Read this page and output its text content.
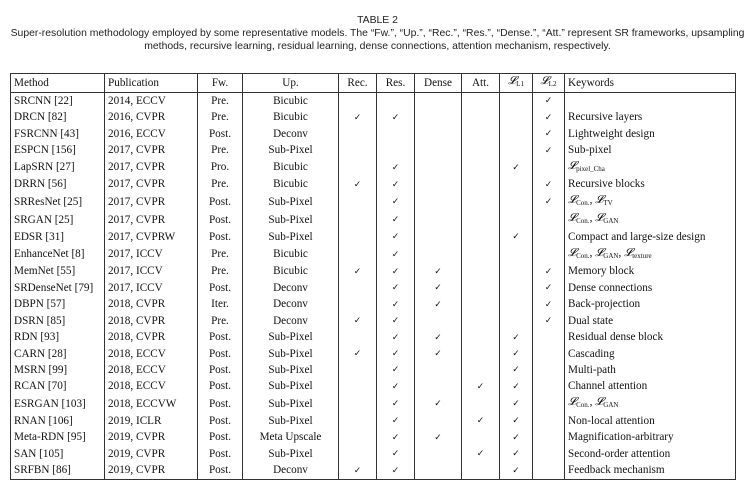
TABLE 2
Super-resolution methodology employed by some representative models. The “Fw.”, “Up.”, “Rec.”, “Res.”, “Dense.”, “Att.” represent SR frameworks, upsampling methods, recursive learning, residual learning, dense connections, attention mechanism, respectively.
Method	Publication	Fw.	Up.	Rec.	Res.	Dense	Att.	𝓛$_{L1}$	𝓛$_{L2}$	Keywords
SRCNN [22]	2014, ECCV	Pre.	Bicubic						✓	
DRCN [82]	2016, CVPR	Pre.	Bicubic	✓	✓				✓	Recursive layers
FSRCNN [43]	2016, ECCV	Post.	Deconv						✓	Lightweight design
ESPCN [156]	2017, CVPR	Pre.	Sub-Pixel						✓	Sub-pixel
LapSRN [27]	2017, CVPR	Pro.	Bicubic		✓			✓		𝓛$_{pixel\_Cha}$
DRRN [56]	2017, CVPR	Pre.	Bicubic	✓	✓				✓	Recursive blocks
SRResNet [25]	2017, CVPR	Post.	Sub-Pixel		✓				✓	𝓛$_{Con.}$, 𝓛$_{TV}$
SRGAN [25]	2017, CVPR	Post.	Sub-Pixel		✓					𝓛$_{Con.}$, 𝓛$_{GAN}$
EDSR [31]	2017, CVPRW	Post.	Sub-Pixel		✓			✓		Compact and large-size design
EnhanceNet [8]	2017, ICCV	Pre.	Bicubic		✓					𝓛$_{Con.}$, 𝓛$_{GAN}$, 𝓛$_{texture}$
MemNet [55]	2017, ICCV	Pre.	Bicubic	✓	✓	✓			✓	Memory block
SRDenseNet [79]	2017, ICCV	Post.	Deconv		✓	✓			✓	Dense connections
DBPN [57]	2018, CVPR	Iter.	Deconv		✓	✓			✓	Back-projection
DSRN [85]	2018, CVPR	Pre.	Deconv	✓	✓				✓	Dual state
RDN [93]	2018, CVPR	Post.	Sub-Pixel		✓	✓		✓		Residual dense block
CARN [28]	2018, ECCV	Post.	Sub-Pixel	✓	✓	✓		✓		Cascading
MSRN [99]	2018, ECCV	Post.	Sub-Pixel		✓			✓		Multi-path
RCAN [70]	2018, ECCV	Post.	Sub-Pixel		✓		✓	✓		Channel attention
ESRGAN [103]	2018, ECCVW	Post.	Sub-Pixel		✓	✓		✓		𝓛$_{Con.}$, 𝓛$_{GAN}$
RNAN [106]	2019, ICLR	Post.	Sub-Pixel		✓		✓	✓		Non-local attention
Meta-RDN [95]	2019, CVPR	Post.	Meta Upscale		✓	✓		✓		Magnification-arbitrary
SAN [105]	2019, CVPR	Post.	Sub-Pixel		✓		✓	✓		Second-order attention
SRFBN [86]	2019, CVPR	Post.	Deconv	✓	✓			✓		Feedback mechanism
